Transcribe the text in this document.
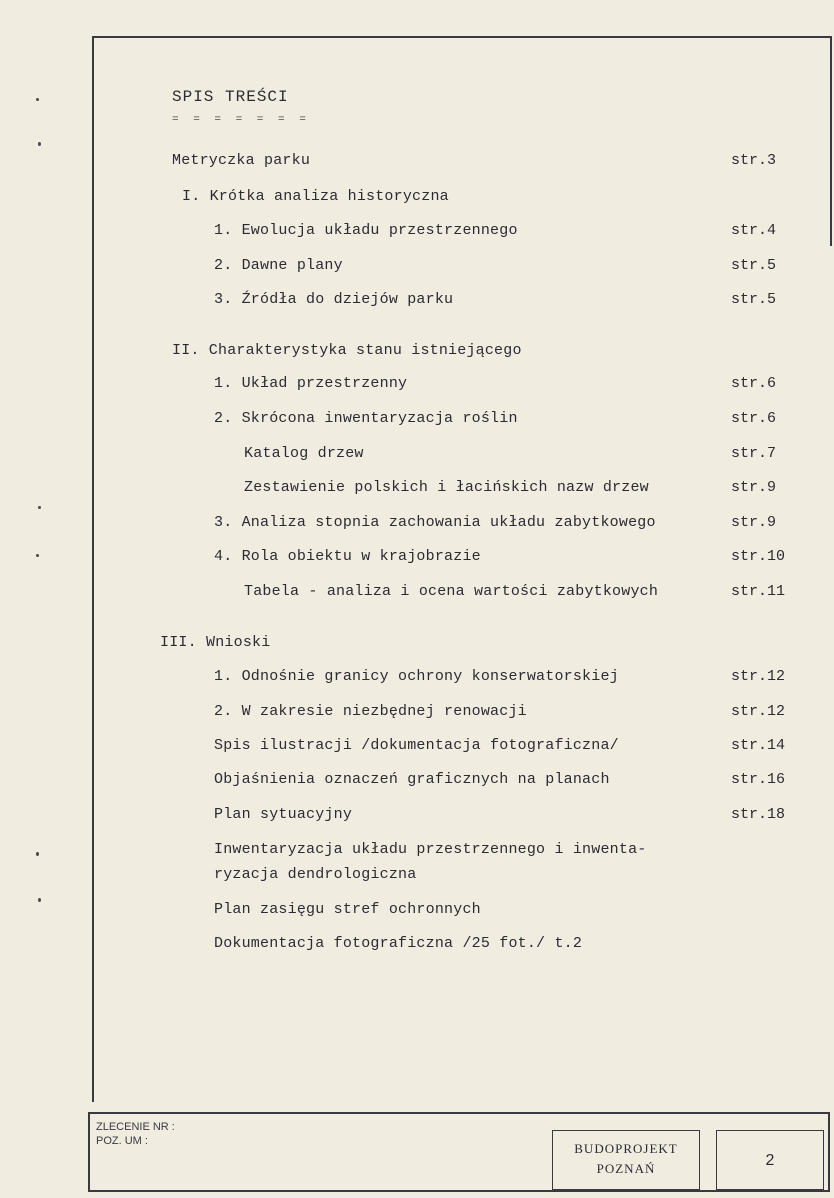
SPIS TREŚCI
= = = = = = =
Metryczka parku	str.3
I. Krótka analiza historyczna
1. Ewolucja układu przestrzennego	str.4
2. Dawne plany	str.5
3. Źródła do dziejów parku	str.5
II. Charakterystyka stanu istniejącego
1. Układ przestrzenny	str.6
2. Skrócona inwentaryzacja roślin	str.6
Katalog drzew	str.7
Zestawienie polskich i łacińskich nazw drzew	str.9
3. Analiza stopnia zachowania układu zabytkowego	str.9
4. Rola obiektu w krajobrazie	str.10
Tabela - analiza i ocena wartości zabytkowych	str.11
III. Wnioski
1. Odnośnie granicy ochrony konserwatorskiej	str.12
2. W zakresie niezbędnej renowacji	str.12
Spis ilustracji /dokumentacja fotograficzna/	str.14
Objaśnienia oznaczeń graficznych na planach	str.16
Plan sytuacyjny	str.18
Inwentaryzacja układu przestrzennego i inwenta-
ryzacja dendrologiczna
Plan zasięgu stref ochronnych
Dokumentacja fotograficzna /25 fot./ t.2
ZLECENIE NR :
POZ. UM :	BUDOPROJEKT
POZNAŃ	2
